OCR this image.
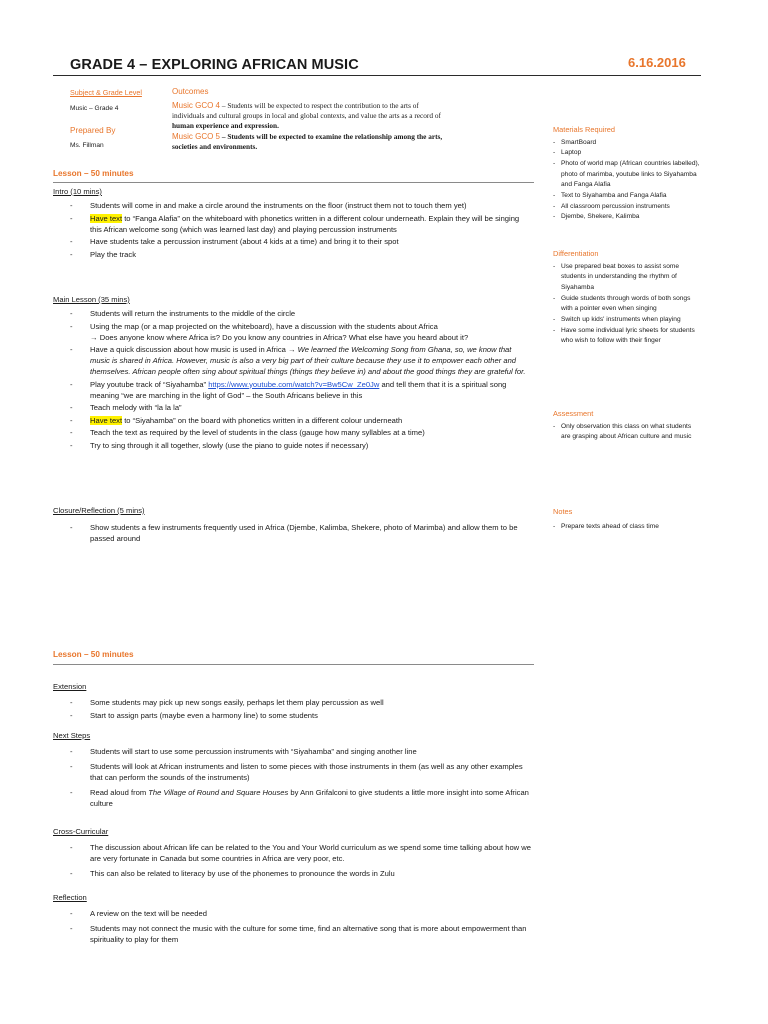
GRADE 4 – EXPLORING AFRICAN MUSIC	6.16.2016
Subject & Grade Level
Music – Grade 4
Prepared By
Ms. Fillman
Outcomes
Music GCO 4 – Students will be expected to respect the contribution to the arts of
individuals and cultural groups in local and global contexts, and value the arts as a record of
human experience and expression.
Music GCO 5 – Students will be expected to examine the relationship among the arts,
societies and environments.
Lesson – 50 minutes

Intro (10 mins)

- Students will come in and make a circle around the instruments on the floor (instruct them not to touch them yet)
- Have text to “Fanga Alafia” on the whiteboard with phonetics written in a different colour underneath. Explain they will be singing this African welcome song (which was learned last day) and playing percussion instruments
- Have students take a percussion instrument (about 4 kids at a time) and bring it to their spot
- Play the track

Main Lesson (35 mins)

- Students will return the instruments to the middle of the circle
- Using the map (or a map projected on the whiteboard), have a discussion with the students about Africa
→ Does anyone know where Africa is? Do you know any countries in Africa? What else have you heard about it?
- Have a quick discussion about how music is used in Africa → We learned the Welcoming Song from Ghana, so, we know that music is shared in Africa. However, music is also a very big part of their culture because they use it to empower each other and themselves. African people often sing about spiritual things (things they believe in) and about the good things they are grateful for.
- Play youtube track of “Siyahamba” https://www.youtube.com/watch?v=Bw5Cw_Ze0Jw and tell them that it is a spiritual song meaning “we are marching in the light of God” – the South Africans believe in this
- Teach melody with “la la la”
- Have text to “Siyahamba” on the board with phonetics written in a different colour underneath
- Teach the text as required by the level of students in the class (gauge how many syllables at a time)
- Try to sing through it all together, slowly (use the piano to guide notes if necessary)

Closure/Reflection (5 mins)

- Show students a few instruments frequently used in Africa (Djembe, Kalimba, Shekere, photo of Marimba) and allow them to be passed around
Materials Required
- SmartBoard
- Laptop
- Photo of world map (African countries labelled), photo of marimba, youtube links to Siyahamba and Fanga Alafia
- Text to Siyahamba and Fanga Alafia
- All classroom percussion instruments
- Djembe, Shekere, Kalimba
Differentiation
- Use prepared beat boxes to assist some students in understanding the rhythm of Siyahamba
- Guide students through words of both songs with a pointer even when singing
- Switch up kids' instruments when playing
- Have some individual lyric sheets for students who wish to follow with their finger
Assessment
- Only observation this class on what students are grasping about African culture and music
Notes
- Prepare texts ahead of class time
Lesson – 50 minutes

Extension

- Some students may pick up new songs easily, perhaps let them play percussion as well
- Start to assign parts (maybe even a harmony line) to some students

Next Steps

- Students will start to use some percussion instruments with “Siyahamba” and singing another line
- Students will look at African instruments and listen to some pieces with those instruments in them (as well as any other examples that can perform the sounds of the instruments)
- Read aloud from The Village of Round and Square Houses by Ann Grifalconi to give students a little more insight into some African culture

Cross-Curricular

- The discussion about African life can be related to the You and Your World curriculum as we spend some time talking about how we are very fortunate in Canada but some countries in Africa are very poor, etc.
- This can also be related to literacy by use of the phonemes to pronounce the words in Zulu

Reflection

- A review on the text will be needed
- Students may not connect the music with the culture for some time, find an alternative song that is more about empowerment than spirituality to play for them
